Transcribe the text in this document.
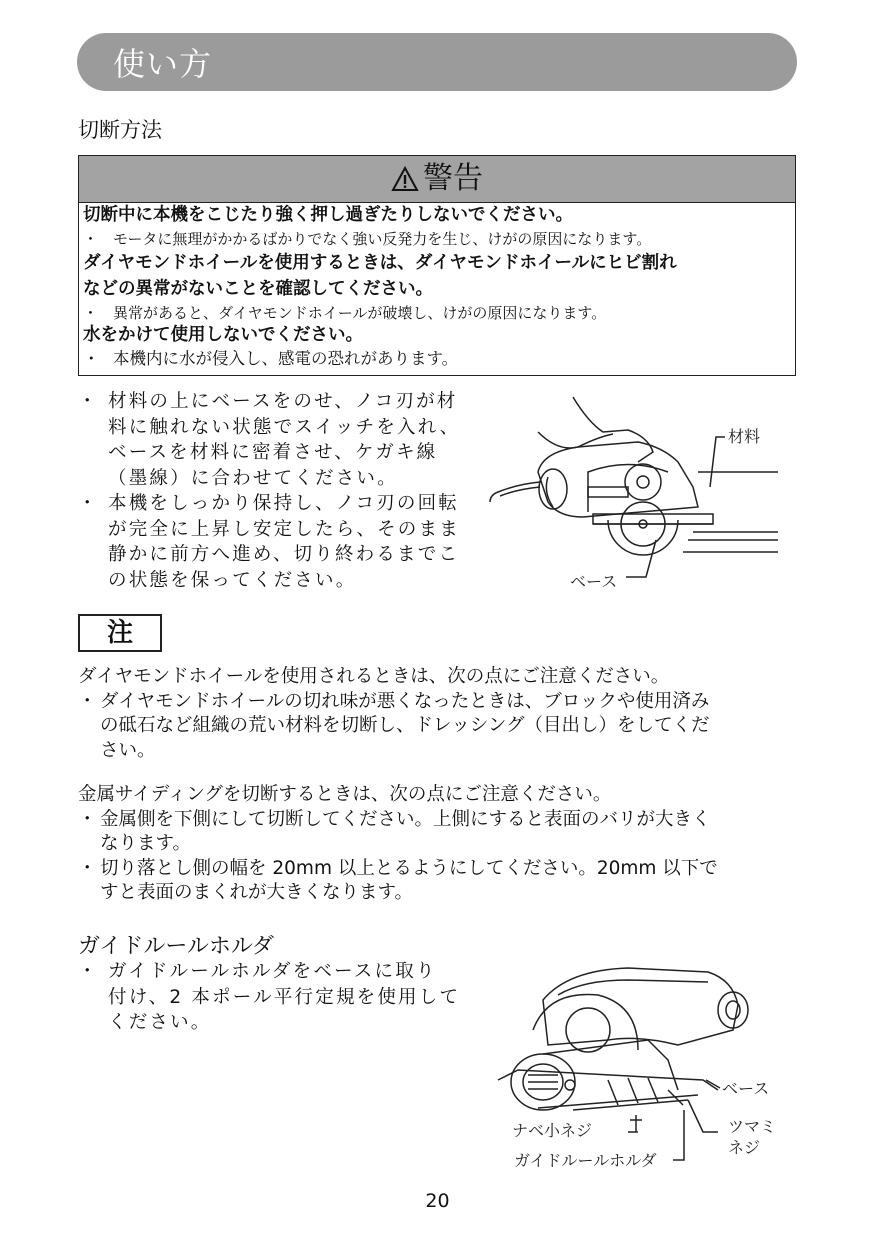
使い方
切断方法
警告
切断中に本機をこじたり強く押し過ぎたりしないでください。
・ モータに無理がかかるばかりでなく強い反発力を生じ、けがの原因になります。
ダイヤモンドホイールを使用するときは、ダイヤモンドホイールにヒビ割れ
などの異常がないことを確認してください。
・ 異常があると、ダイヤモンドホイールが破壊し、けがの原因になります。
水をかけて使用しないでください。
・ 本機内に水が侵入し、感電の恐れがあります。
・ 材料の上にベースをのせ、ノコ刃が材
料に触れない状態でスイッチを入れ、
ベースを材料に密着させ、ケガキ線
（墨線）に合わせてください。
・ 本機をしっかり保持し、ノコ刃の回転
が完全に上昇し安定したら、そのまま
静かに前方へ進め、切り終わるまでこ
の状態を保ってください。
材料
ベース
注
ダイヤモンドホイールを使用されるときは、次の点にご注意ください。
・ ダイヤモンドホイールの切れ味が悪くなったときは、ブロックや使用済み
の砥石など組織の荒い材料を切断し、ドレッシング（目出し）をしてくだ
さい。
金属サイディングを切断するときは、次の点にご注意ください。
・ 金属側を下側にして切断してください。上側にすると表面のバリが大きく
なります。
・ 切り落とし側の幅を 20mm 以上とるようにしてください。20mm 以下で
すと表面のまくれが大きくなります。
ガイドルールホルダ
・ ガイドルールホルダをベースに取り
付け、2 本ポール平行定規を使用して
ください。
ベース
ツマミ
ネジ
ナベ小ネジ
ガイドルールホルダ
20
